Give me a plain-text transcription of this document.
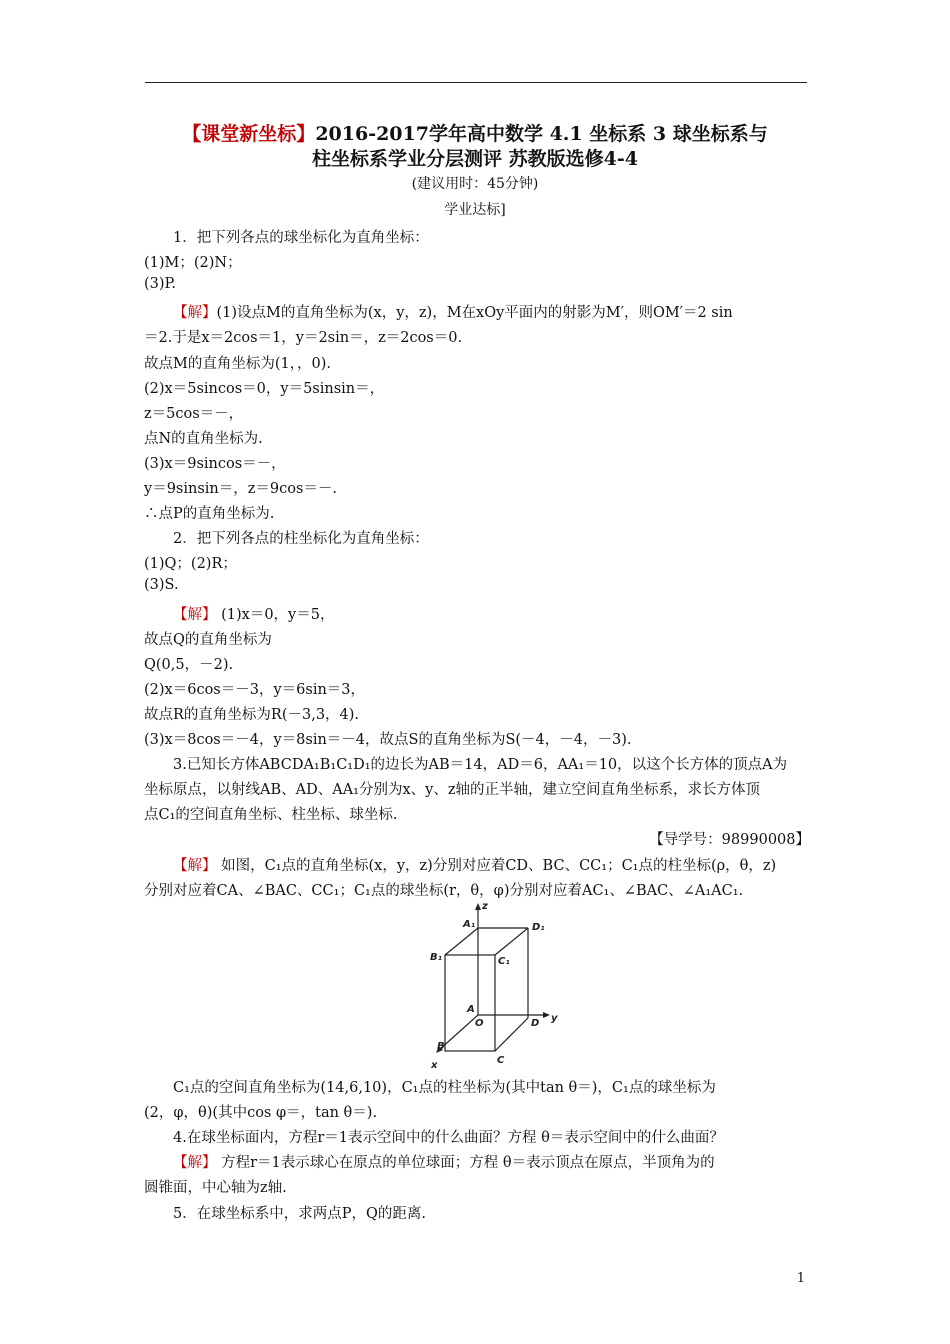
【课堂新坐标】2016-2017学年高中数学 4.1 坐标系 3 球坐标系与
柱坐标系学业分层测评 苏教版选修4-4
(建议用时：45分钟)
学业达标]
1．把下列各点的球坐标化为直角坐标：
(1)M；(2)N；
(3)P.
【解】(1)设点M的直角坐标为(x，y，z)，M在xOy平面内的射影为M′，则OM′＝2 sin
＝2.于是x＝2cos＝1，y＝2sin＝，z＝2cos＝0.
故点M的直角坐标为(1，，0).
(2)x＝5sincos＝0，y＝5sinsin＝，
z＝5cos＝－，
点N的直角坐标为.
(3)x＝9sincos＝－，
y＝9sinsin＝，z＝9cos＝－.
∴点P的直角坐标为.
2．把下列各点的柱坐标化为直角坐标：
(1)Q；(2)R；
(3)S.
【解】 (1)x＝0，y＝5，
故点Q的直角坐标为
Q(0,5，－2).
(2)x＝6cos＝－3，y＝6sin＝3，
故点R的直角坐标为R(－3,3，4).
(3)x＝8cos＝－4，y＝8sin＝－4，故点S的直角坐标为S(－4，－4，－3).
3.已知长方体ABCDA₁B₁C₁D₁的边长为AB＝14，AD＝6，AA₁＝10，以这个长方体的顶点A为
坐标原点，以射线AB、AD、AA₁分别为x、y、z轴的正半轴，建立空间直角坐标系，求长方体顶
点C₁的空间直角坐标、柱坐标、球坐标.
【导学号：98990008】
【解】 如图，C₁点的直角坐标(x，y，z)分别对应着CD、BC、CC₁；C₁点的柱坐标(ρ，θ，z)
分别对应着CA、∠BAC、CC₁；C₁点的球坐标(r，θ，φ)分别对应着AC₁、∠BAC、∠A₁AC₁.
z
y
x
A₁	D₁
B₁	C₁
A
O	D
B
C
C₁点的空间直角坐标为(14,6,10)，C₁点的柱坐标为(其中tan θ＝)，C₁点的球坐标为
(2，φ，θ)(其中cos φ＝，tan θ＝).
4.在球坐标面内，方程r＝1表示空间中的什么曲面？方程 θ＝表示空间中的什么曲面？
【解】 方程r＝1表示球心在原点的单位球面；方程 θ＝表示顶点在原点，半顶角为的
圆锥面，中心轴为z轴.
5．在球坐标系中，求两点P，Q的距离.
1
